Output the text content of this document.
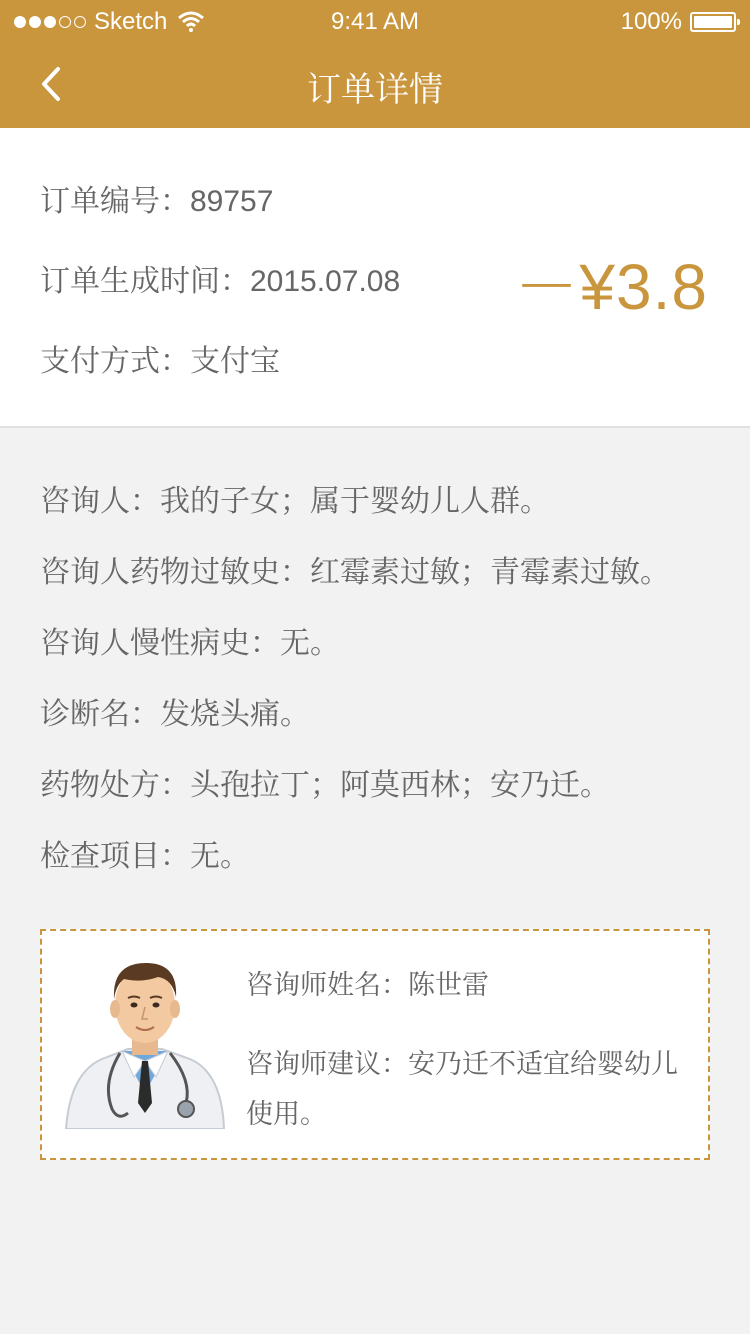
Sketch	9:41 AM	100%
订单详情
订单编号：89757
订单生成时间：2015.07.08
支付方式：支付宝
－¥3.8
咨询人：我的子女；属于婴幼儿人群。
咨询人药物过敏史：红霉素过敏；青霉素过敏。
咨询人慢性病史：无。
诊断名：发烧头痛。
药物处方：头孢拉丁；阿莫西林；安乃迁。
检查项目：无。
咨询师姓名：陈世雷
咨询师建议：安乃迁不适宜给婴幼儿使用。
